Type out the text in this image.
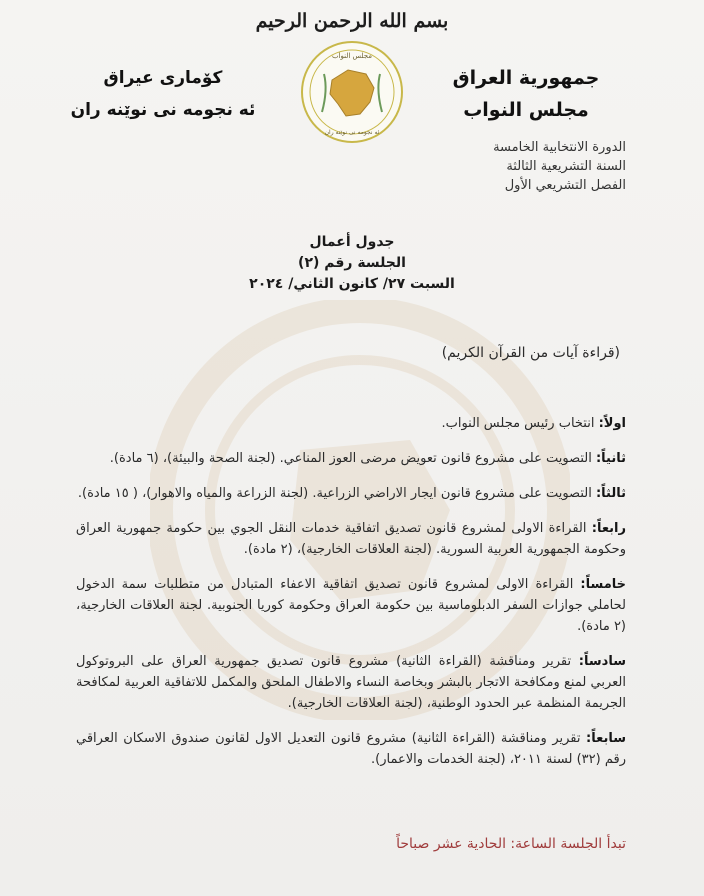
بسم الله الرحمن الرحيم
مجلس النواب
ئه نجومه نى نوێنه ران
جمهورية العراق
مجلس النواب
كۆمارى عيراق
ئه نجومه نى نوێنه ران
الدورة الانتخابية الخامسة
السنة التشريعية الثالثة
الفصل التشريعي الأول
جدول أعمال
الجلسة رقم (٢)
السبت ٢٧/ كانون الثاني/ ٢٠٢٤
(قراءة آيات من القرآن الكريم)
اولاً: انتخاب رئيس مجلس النواب.
ثانياً: التصويت على مشروع قانون تعويض مرضى العوز المناعي. (لجنة الصحة والبيئة)، (٦ مادة).
ثالثاً: التصويت على مشروع قانون ايجار الاراضي الزراعية. (لجنة الزراعة والمياه والاهوار)، ( ١٥ مادة).
رابعاً: القراءة الاولى لمشروع قانون تصديق اتفاقية خدمات النقل الجوي بين حكومة جمهورية العراق وحكومة الجمهورية العربية السورية. (لجنة العلاقات الخارجية)، (٢ مادة).
خامساً: القراءة الاولى لمشروع قانون تصديق اتفاقية الاعفاء المتبادل من متطلبات سمة الدخول لحاملي جوازات السفر الدبلوماسية بين حكومة العراق وحكومة كوريا الجنوبية. لجنة العلاقات الخارجية، (٢ مادة).
سادساً: تقرير ومناقشة (القراءة الثانية) مشروع قانون تصديق جمهورية العراق على البروتوكول العربي لمنع ومكافحة الاتجار بالبشر وبخاصة النساء والاطفال الملحق والمكمل للاتفاقية العربية لمكافحة الجريمة المنظمة عبر الحدود الوطنية، (لجنة العلاقات الخارجية).
سابعاً: تقرير ومناقشة (القراءة الثانية) مشروع قانون التعديل الاول لقانون صندوق الاسكان العراقي رقم (٣٢) لسنة ٢٠١١، (لجنة الخدمات والاعمار).
تبدأ الجلسة الساعة: الحادية عشر صباحاً
